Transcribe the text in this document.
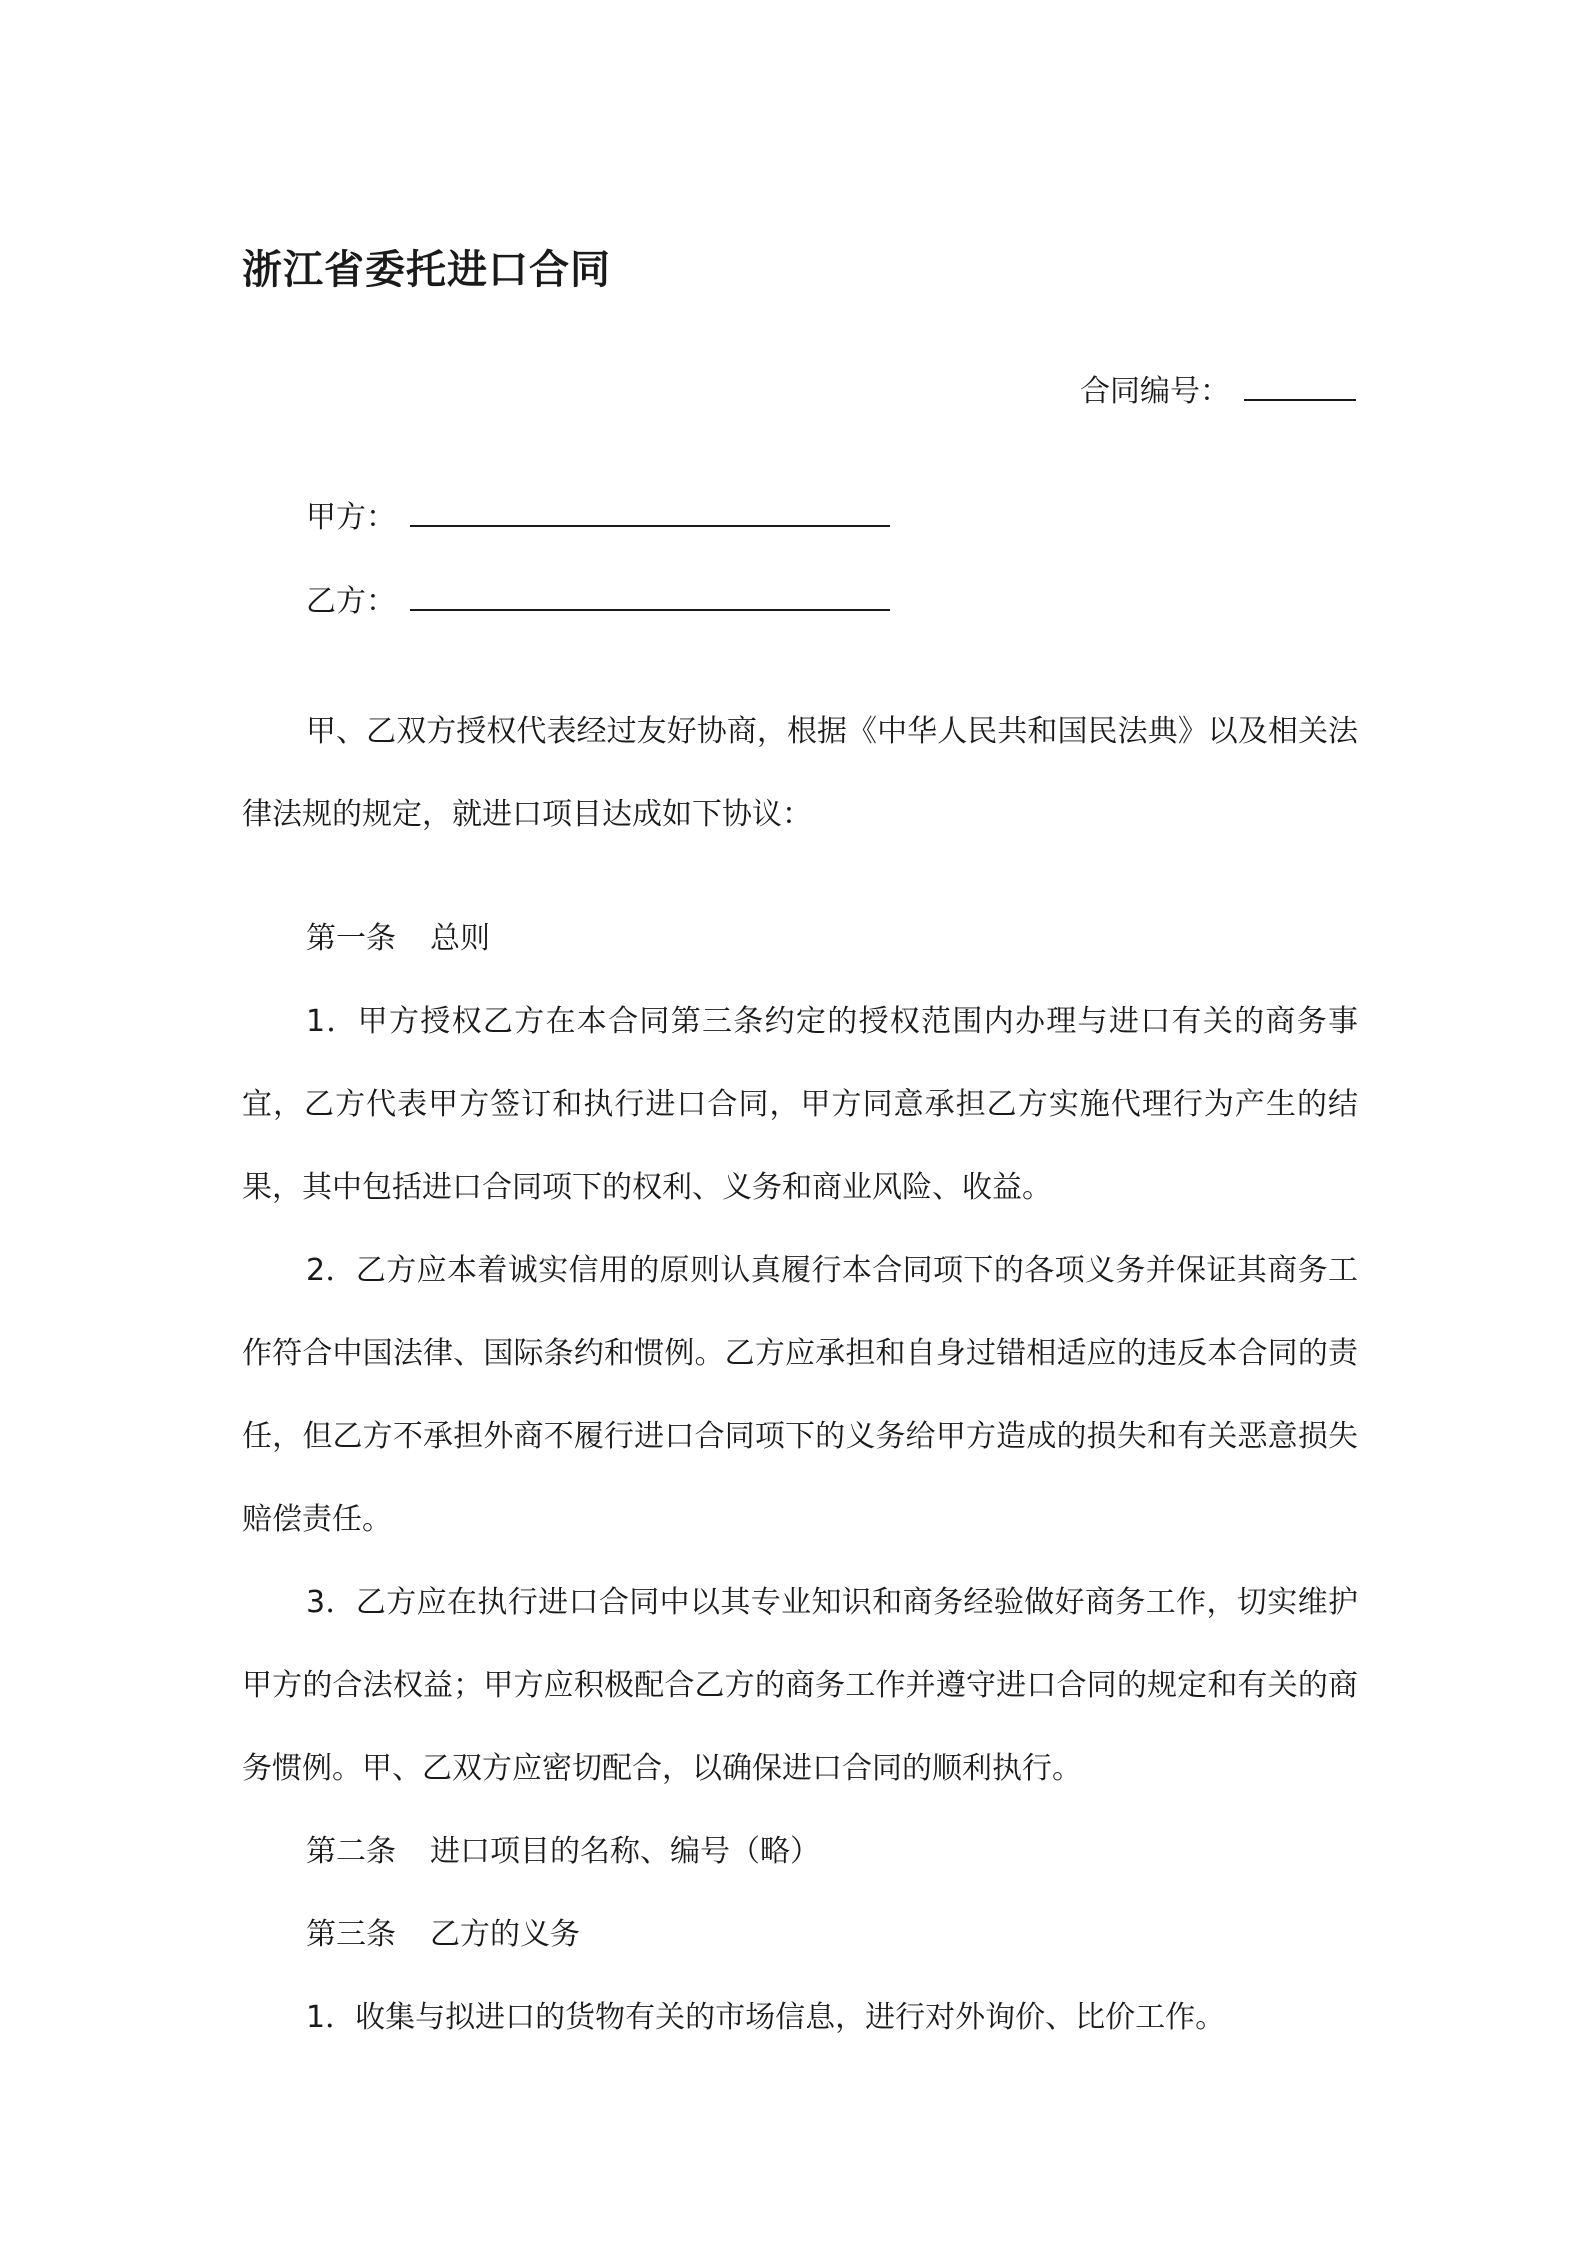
浙江省委托进口合同
合同编号：
甲方：
乙方：

甲、乙双方授权代表经过友好协商，根据《中华人民共和国民法典》以及相关法律法规的规定，就进口项目达成如下协议：

第一条 总则

1．甲方授权乙方在本合同第三条约定的授权范围内办理与进口有关的商务事宜，乙方代表甲方签订和执行进口合同，甲方同意承担乙方实施代理行为产生的结果，其中包括进口合同项下的权利、义务和商业风险、收益。

2．乙方应本着诚实信用的原则认真履行本合同项下的各项义务并保证其商务工作符合中国法律、国际条约和惯例。乙方应承担和自身过错相适应的违反本合同的责任，但乙方不承担外商不履行进口合同项下的义务给甲方造成的损失和有关恶意损失赔偿责任。

3．乙方应在执行进口合同中以其专业知识和商务经验做好商务工作，切实维护甲方的合法权益；甲方应积极配合乙方的商务工作并遵守进口合同的规定和有关的商务惯例。甲、乙双方应密切配合，以确保进口合同的顺利执行。

第二条 进口项目的名称、编号（略）

第三条 乙方的义务

1．收集与拟进口的货物有关的市场信息，进行对外询价、比价工作。
